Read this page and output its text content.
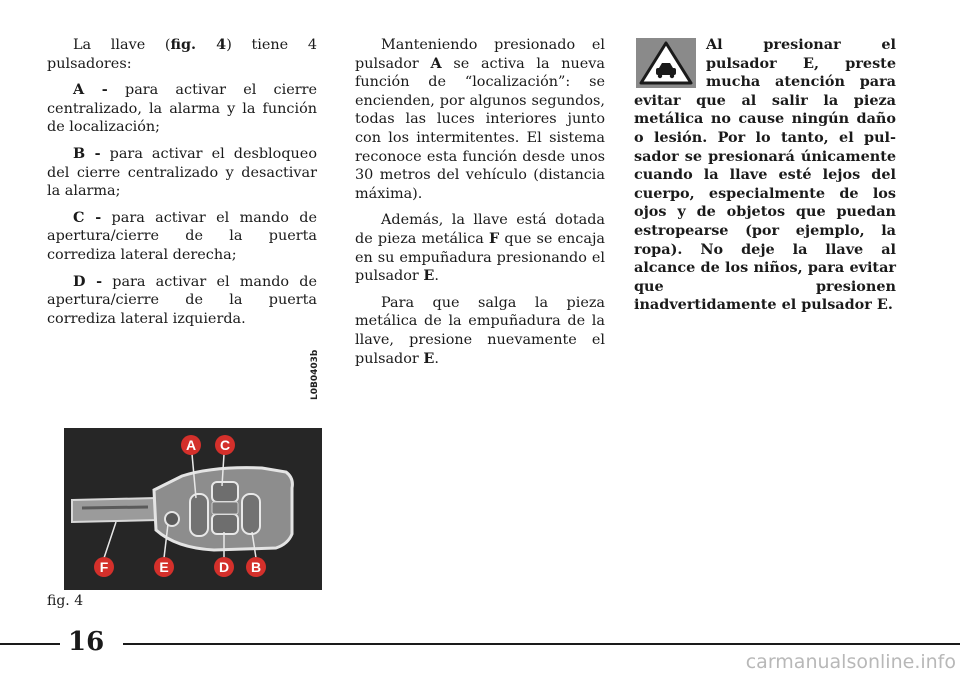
La llave (fig. 4) tiene 4 pulsadores:

A - para activar el cierre centralizado, la alarma y la función de localización;

B - para activar el desbloqueo del cierre centralizado y desactivar la alarma;

C - para activar el mando de apertura/cierre de la puerta corrediza lateral derecha;

D - para activar el mando de apertura/cierre de la puerta corrediza lateral izquierda.

Manteniendo presionado el pulsador A se activa la nueva función de “localización”: se encienden, por algunos segundos, todas las luces interiores junto con los intermitentes. El sistema reconoce esta función desde unos 30 metros del vehículo (distancia máxima).

Además, la llave está dotada de pieza metálica F que se encaja en su empuñadura presionando el pulsador E.

Para que salga la pieza metálica de la empuñadura de la llave, presione nuevamente el pulsador E.

Al presionar el pulsador E, preste mucha atención para evitar que al salir la pieza metálica no cause ningún daño o lesión. Por lo tanto, el pulsador se presionará únicamente cuando la llave esté lejos del cuerpo, especialmente de los ojos y de objetos que puedan estropearse (por ejemplo, la ropa). No deje la llave al alcance de los niños, para evitar que presionen inadvertidamente el pulsador E.

A C
F	E	D B
L0B0403b
fig. 4
16
carmanualsonline.info
